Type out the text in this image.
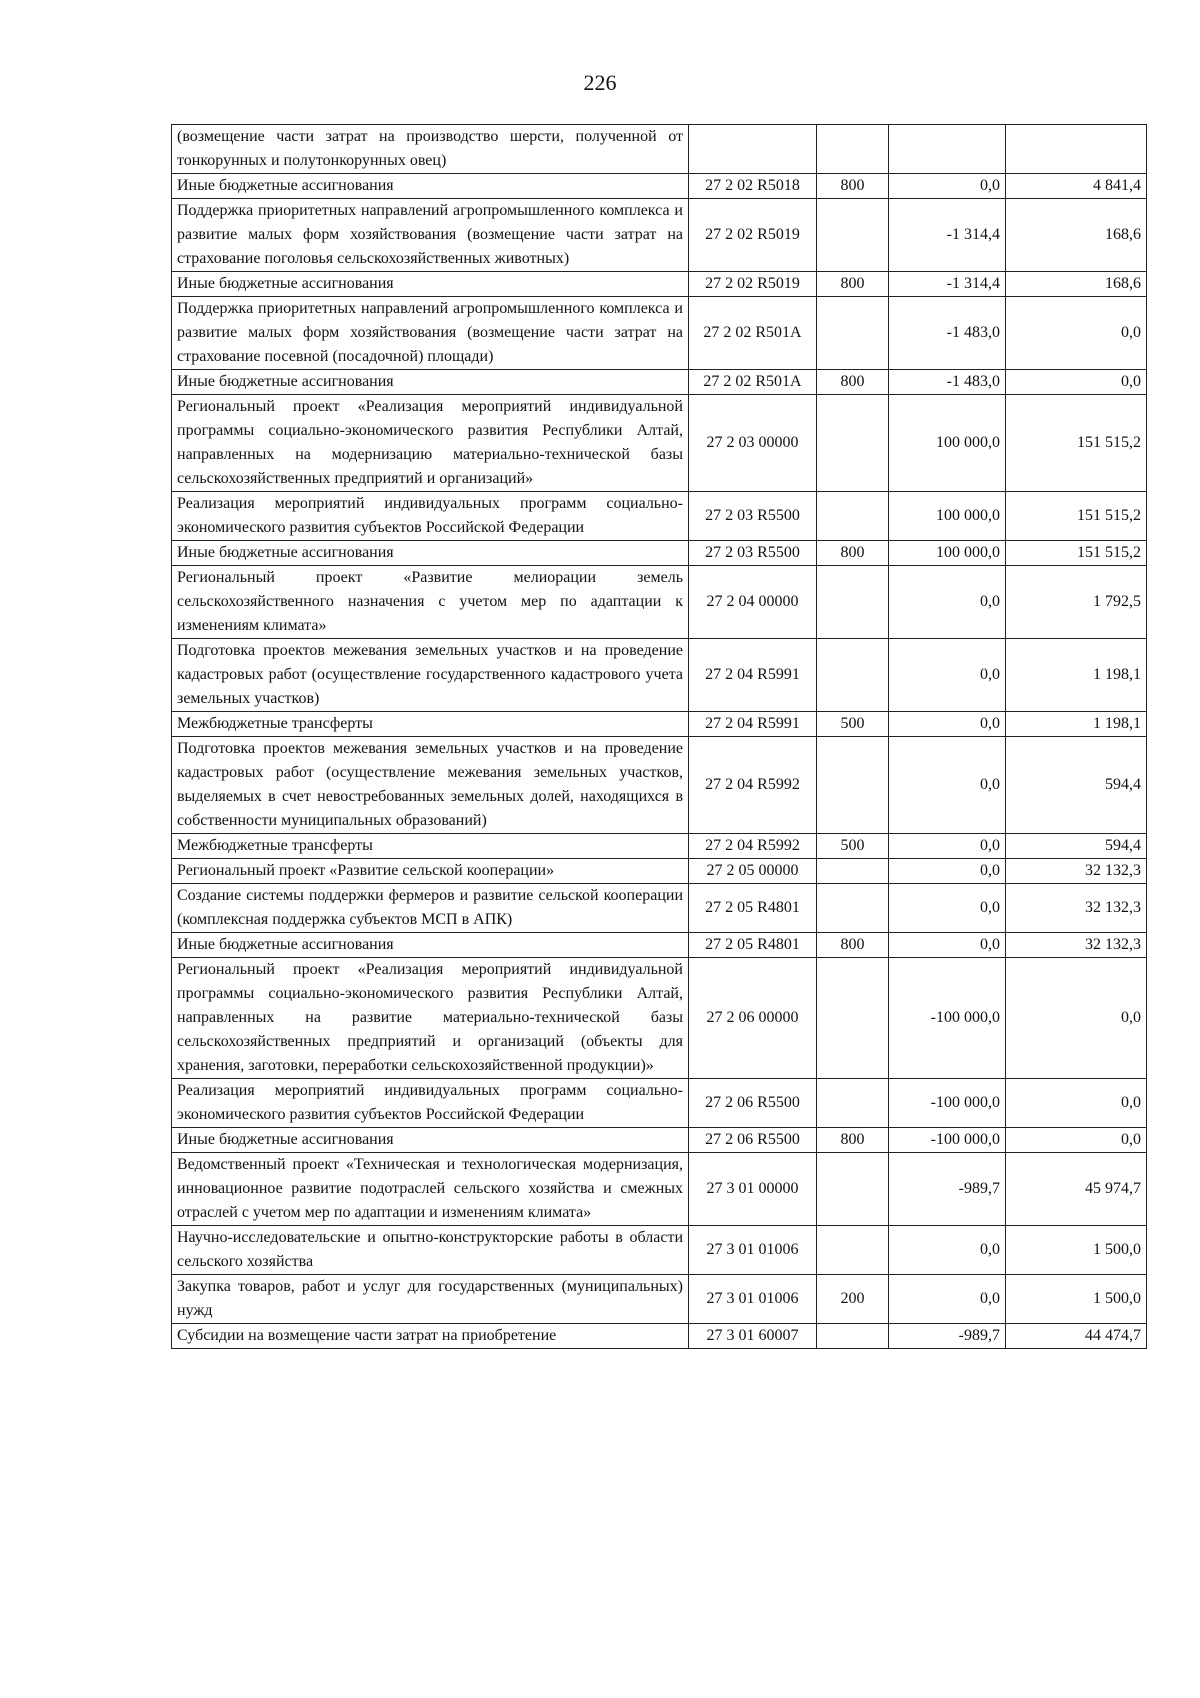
226
(возмещение части затрат на производство шерсти, полученной от тонкорунных и полутонкорунных овец)				
Иные бюджетные ассигнования	27 2 02 R5018	800	0,0	4 841,4
Поддержка приоритетных направлений агропромышленного комплекса и развитие малых форм хозяйствования (возмещение части затрат на страхование поголовья сельскохозяйственных животных)	27 2 02 R5019		-1 314,4	168,6
Иные бюджетные ассигнования	27 2 02 R5019	800	-1 314,4	168,6
Поддержка приоритетных направлений агропромышленного комплекса и развитие малых форм хозяйствования (возмещение части затрат на страхование посевной (посадочной) площади)	27 2 02 R501A		-1 483,0	0,0
Иные бюджетные ассигнования	27 2 02 R501A	800	-1 483,0	0,0
Региональный проект «Реализация мероприятий индивидуальной программы социально-экономического развития Республики Алтай, направленных на модернизацию материально-технической базы сельскохозяйственных предприятий и организаций»	27 2 03 00000		100 000,0	151 515,2
Реализация мероприятий индивидуальных программ социально-экономического развития субъектов Российской Федерации	27 2 03 R5500		100 000,0	151 515,2
Иные бюджетные ассигнования	27 2 03 R5500	800	100 000,0	151 515,2
Региональный проект «Развитие мелиорации земель сельскохозяйственного назначения с учетом мер по адаптации к изменениям климата»	27 2 04 00000		0,0	1 792,5
Подготовка проектов межевания земельных участков и на проведение кадастровых работ (осуществление государственного кадастрового учета земельных участков)	27 2 04 R5991		0,0	1 198,1
Межбюджетные трансферты	27 2 04 R5991	500	0,0	1 198,1
Подготовка проектов межевания земельных участков и на проведение кадастровых работ (осуществление межевания земельных участков, выделяемых в счет невостребованных земельных долей, находящихся в собственности муниципальных образований)	27 2 04 R5992		0,0	594,4
Межбюджетные трансферты	27 2 04 R5992	500	0,0	594,4
Региональный проект «Развитие сельской кооперации»	27 2 05 00000		0,0	32 132,3
Создание системы поддержки фермеров и развитие сельской кооперации (комплексная поддержка субъектов МСП в АПК)	27 2 05 R4801		0,0	32 132,3
Иные бюджетные ассигнования	27 2 05 R4801	800	0,0	32 132,3
Региональный проект «Реализация мероприятий индивидуальной программы социально-экономического развития Республики Алтай, направленных на развитие материально-технической базы сельскохозяйственных предприятий и организаций (объекты для хранения, заготовки, переработки сельскохозяйственной продукции)»	27 2 06 00000		-100 000,0	0,0
Реализация мероприятий индивидуальных программ социально-экономического развития субъектов Российской Федерации	27 2 06 R5500		-100 000,0	0,0
Иные бюджетные ассигнования	27 2 06 R5500	800	-100 000,0	0,0
Ведомственный проект «Техническая и технологическая модернизация, инновационное развитие подотраслей сельского хозяйства и смежных отраслей с учетом мер по адаптации и изменениям климата»	27 3 01 00000		-989,7	45 974,7
Научно-исследовательские и опытно-конструкторские работы в области сельского хозяйства	27 3 01 01006		0,0	1 500,0
Закупка товаров, работ и услуг для государственных (муниципальных) нужд	27 3 01 01006	200	0,0	1 500,0
Субсидии на возмещение части затрат на приобретение	27 3 01 60007		-989,7	44 474,7
